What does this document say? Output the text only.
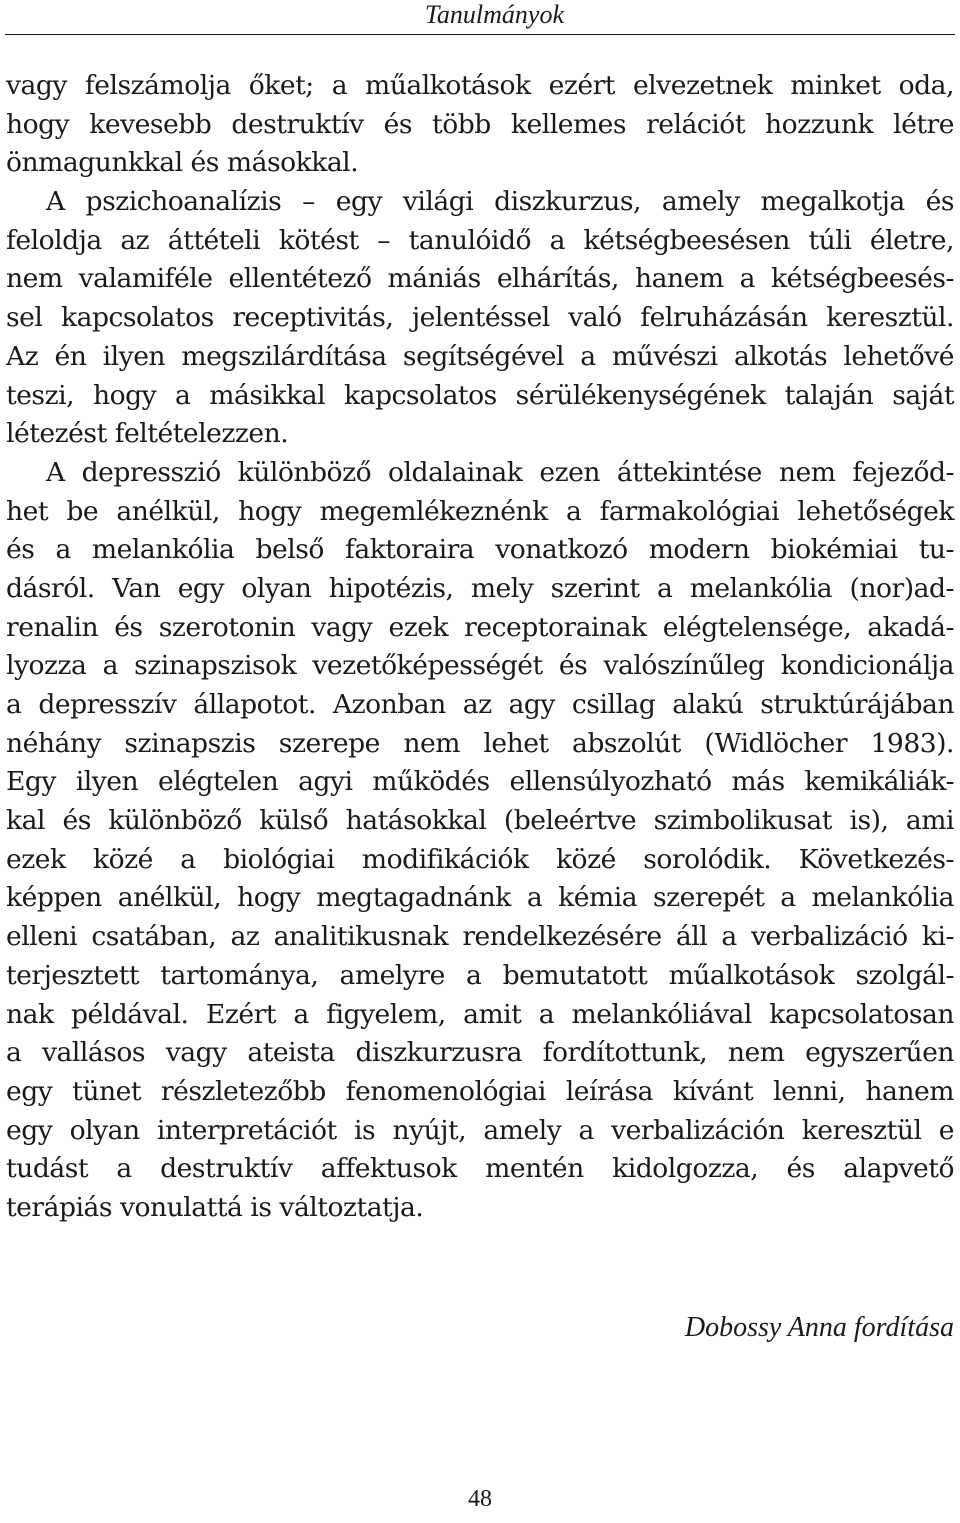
Tanulmányok
vagy felszámolja őket; a műalkotások ezért elvezetnek minket oda,
hogy kevesebb destruktív és több kellemes relációt hozzunk létre
önmagunkkal és másokkal.
A pszichoanalízis – egy világi diszkurzus, amely megalkotja és
feloldja az áttételi kötést – tanulóidő a kétségbeesésen túli életre,
nem valamiféle ellentétező mániás elhárítás, hanem a kétségbeesés-
sel kapcsolatos receptivitás, jelentéssel való felruházásán keresztül.
Az én ilyen megszilárdítása segítségével a művészi alkotás lehetővé
teszi, hogy a másikkal kapcsolatos sérülékenységének talaján saját
létezést feltételezzen.
A depresszió különböző oldalainak ezen áttekintése nem fejeződ-
het be anélkül, hogy megemlékeznénk a farmakológiai lehetőségek
és a melankólia belső faktoraira vonatkozó modern biokémiai tu-
dásról. Van egy olyan hipotézis, mely szerint a melankólia (nor)ad-
renalin és szerotonin vagy ezek receptorainak elégtelensége, akadá-
lyozza a szinapszisok vezetőképességét és valószínűleg kondicionálja
a depresszív állapotot. Azonban az agy csillag alakú struktúrájában
néhány szinapszis szerepe nem lehet abszolút (Widlöcher 1983).
Egy ilyen elégtelen agyi működés ellensúlyozható más kemikáliák-
kal és különböző külső hatásokkal (beleértve szimbolikusat is), ami
ezek közé a biológiai modifikációk közé sorolódik. Következés-
képpen anélkül, hogy megtagadnánk a kémia szerepét a melankólia
elleni csatában, az analitikusnak rendelkezésére áll a verbalizáció ki-
terjesztett tartománya, amelyre a bemutatott műalkotások szolgál-
nak példával. Ezért a figyelem, amit a melankóliával kapcsolatosan
a vallásos vagy ateista diszkurzusra fordítottunk, nem egyszerűen
egy tünet részletezőbb fenomenológiai leírása kívánt lenni, hanem
egy olyan interpretációt is nyújt, amely a verbalizáción keresztül e
tudást a destruktív affektusok mentén kidolgozza, és alapvető
terápiás vonulattá is változtatja.
Dobossy Anna fordítása
48
